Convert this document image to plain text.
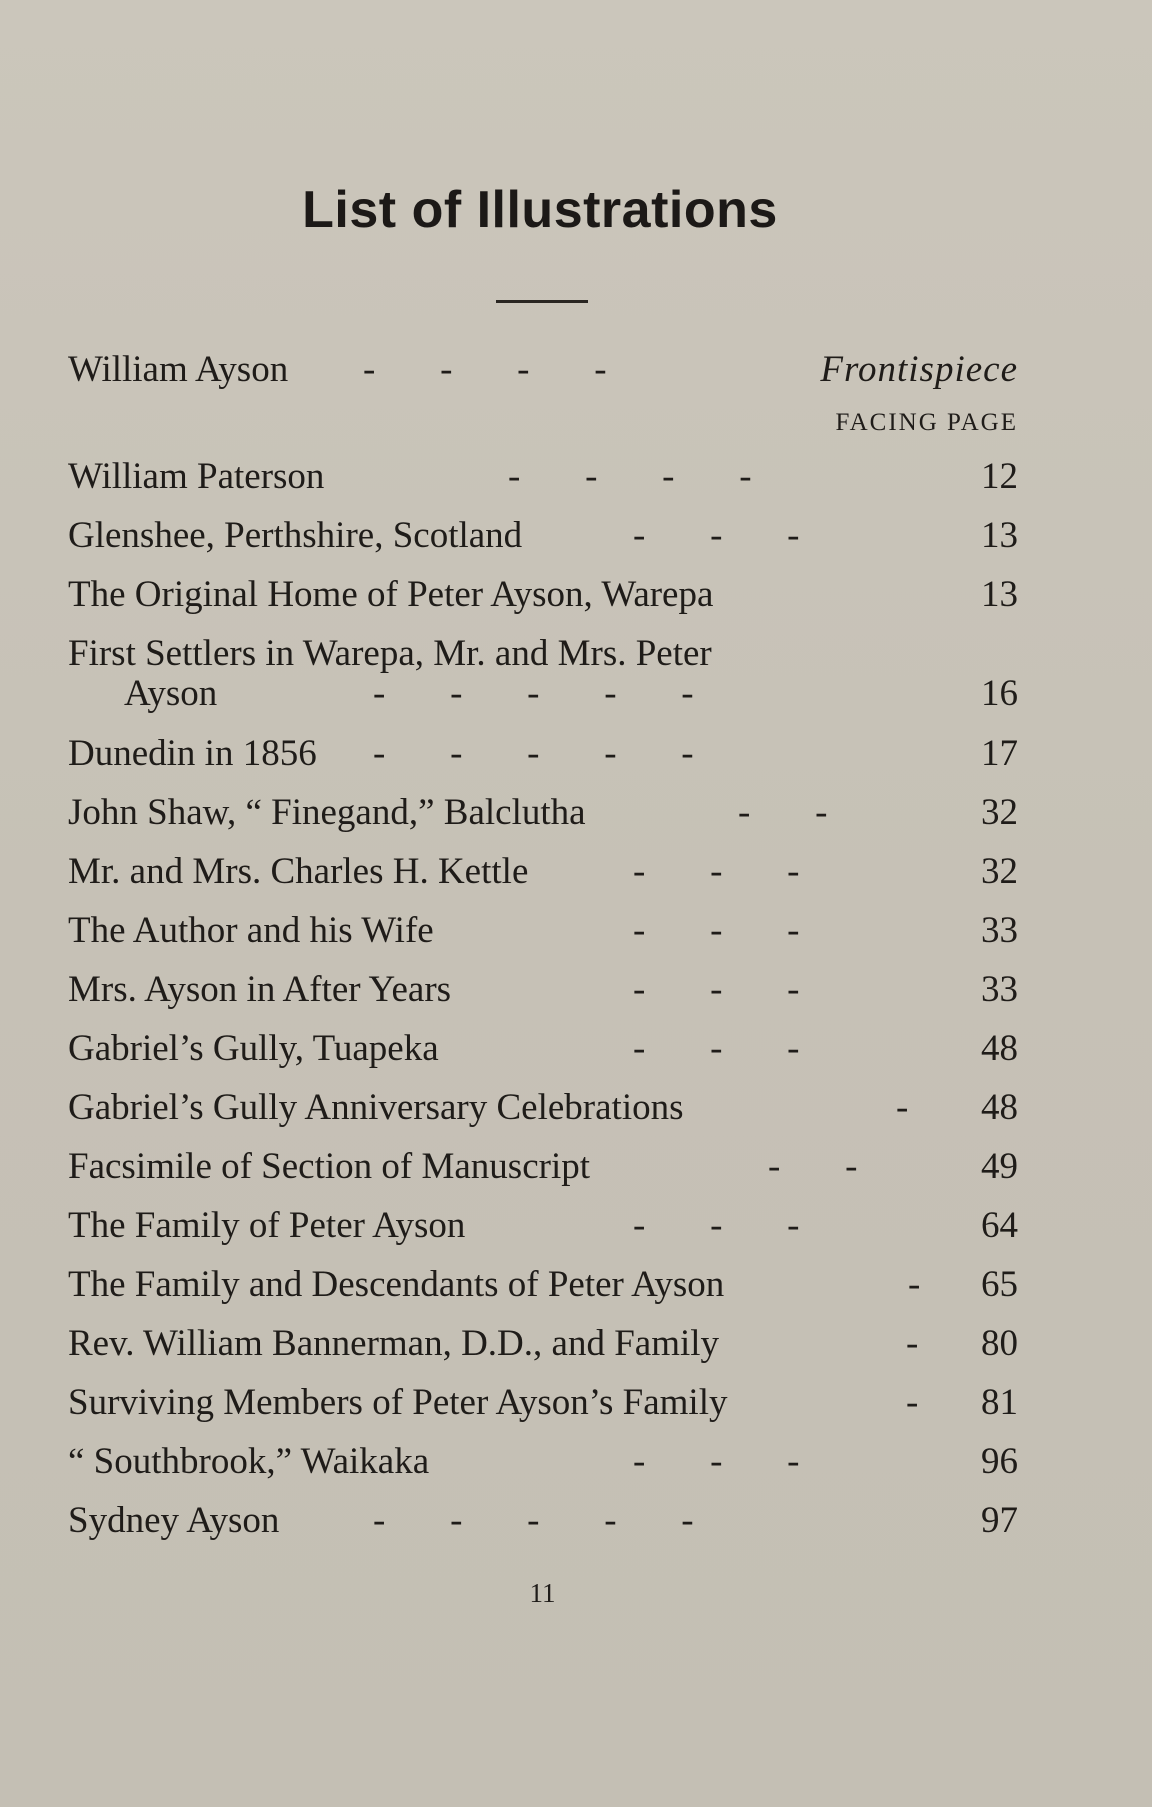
List of Illustrations
William Ayson -       -       -       -	Frontispiece
FACING PAGE
William Paterson	-       -       -       -	12
Glenshee, Perthshire, Scotland	-       -       -	13
The Original Home of Peter Ayson, Warepa	13
First Settlers in Warepa, Mr. and Mrs. Peter
Ayson	-       -       -       -       -	16
Dunedin in 1856 -       -       -       -       -	17
John Shaw, “ Finegand,” Balclutha	-       -	32
Mr. and Mrs. Charles H. Kettle	-       -       -	32
The Author and his Wife	-       -       -	33
Mrs. Ayson in After Years	-       -       -	33
Gabriel’s Gully, Tuapeka	-       -       -	48
Gabriel’s Gully Anniversary Celebrations	- 48
Facsimile of Section of Manuscript	-       -	49
The Family of Peter Ayson	-       -       -	64
The Family and Descendants of Peter Ayson	- 65
Rev. William Bannerman, D.D., and Family	- 80
Surviving Members of Peter Ayson’s Family	- 81
“ Southbrook,” Waikaka	-       -       -	96
Sydney Ayson	-       -       -       -       -	97
11
